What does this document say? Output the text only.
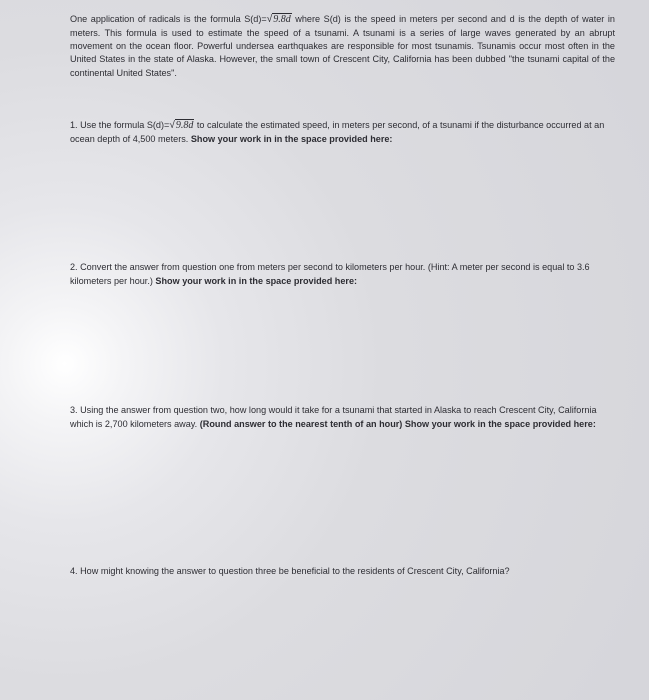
One application of radicals is the formula S(d)=√9.8d where S(d) is the speed in meters per second and d is the depth of water in meters. This formula is used to estimate the speed of a tsunami. A tsunami is a series of large waves generated by an abrupt movement on the ocean floor. Powerful undersea earthquakes are responsible for most tsunamis. Tsunamis occur most often in the United States in the state of Alaska. However, the small town of Crescent City, California has been dubbed "the tsunami capital of the continental United States".

1. Use the formula S(d)=√9.8d to calculate the estimated speed, in meters per second, of a tsunami if the disturbance occurred at an ocean depth of 4,500 meters. Show your work in in the space provided here:

2. Convert the answer from question one from meters per second to kilometers per hour. (Hint: A meter per second is equal to 3.6 kilometers per hour.) Show your work in in the space provided here:

3. Using the answer from question two, how long would it take for a tsunami that started in Alaska to reach Crescent City, California which is 2,700 kilometers away. (Round answer to the nearest tenth of an hour) Show your work in the space provided here:

4. How might knowing the answer to question three be beneficial to the residents of Crescent City, California?
